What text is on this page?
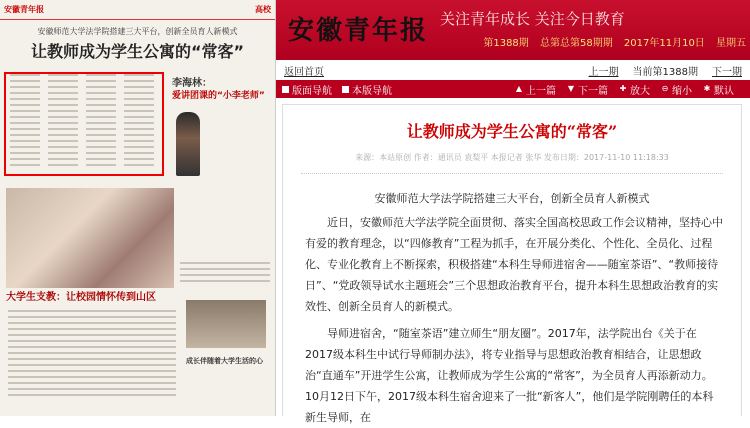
安徽青年报	高校
安徽师范大学法学院搭建三大平台，创新全员育人新模式
让教师成为学生公寓的“常客”
李海林：
爱讲团课的“小李老师”
大学生支教：让校园情怀传到山区
成长伴随着大学生活的心
安徽青年报 关注青年成长 关注今日教育
第1388期 总第总第58期期 2017年11月10日 星期五
返回首页	上一期 当前第1388期 下一期
版面导航 本版导航	▲ 上一篇 ▼ 下一篇 ✚ 放大 ⊖ 缩小 ✱ 默认
让教师成为学生公寓的“常客”
来源：本站原创 作者：通讯员 袁梨平 本报记者 张华 发布日期：2017-11-10 11:18:33
安徽师范大学法学院搭建三大平台，创新全员育人新模式

近日，安徽师范大学法学院全面贯彻、落实全国高校思政工作会议精神，坚持心中有爱的教育理念，以“四修教育”工程为抓手，在开展分类化、个性化、全员化、过程化、专业化教育上不断探索，积极搭建“本科生导师进宿舍——随室茶语”、“教师接待日”、“党政领导试水主题班会”三个思想政治教育平台，提升本科生思想政治教育的实效性、创新全员育人的新模式。

导师进宿舍，“随室茶语”建立师生“朋友圈”。2017年，法学院出台《关于在2017级本科生中试行导师制办法》，将专业指导与思想政治教育相结合，让思想政治“直通车”开进学生公寓，让教师成为学生公寓的“常客”，为全员育人再添新动力。10月12日下午，2017级本科生宿舍迎来了一批“新客人”，他们是学院刚聘任的本科新生导师，在
